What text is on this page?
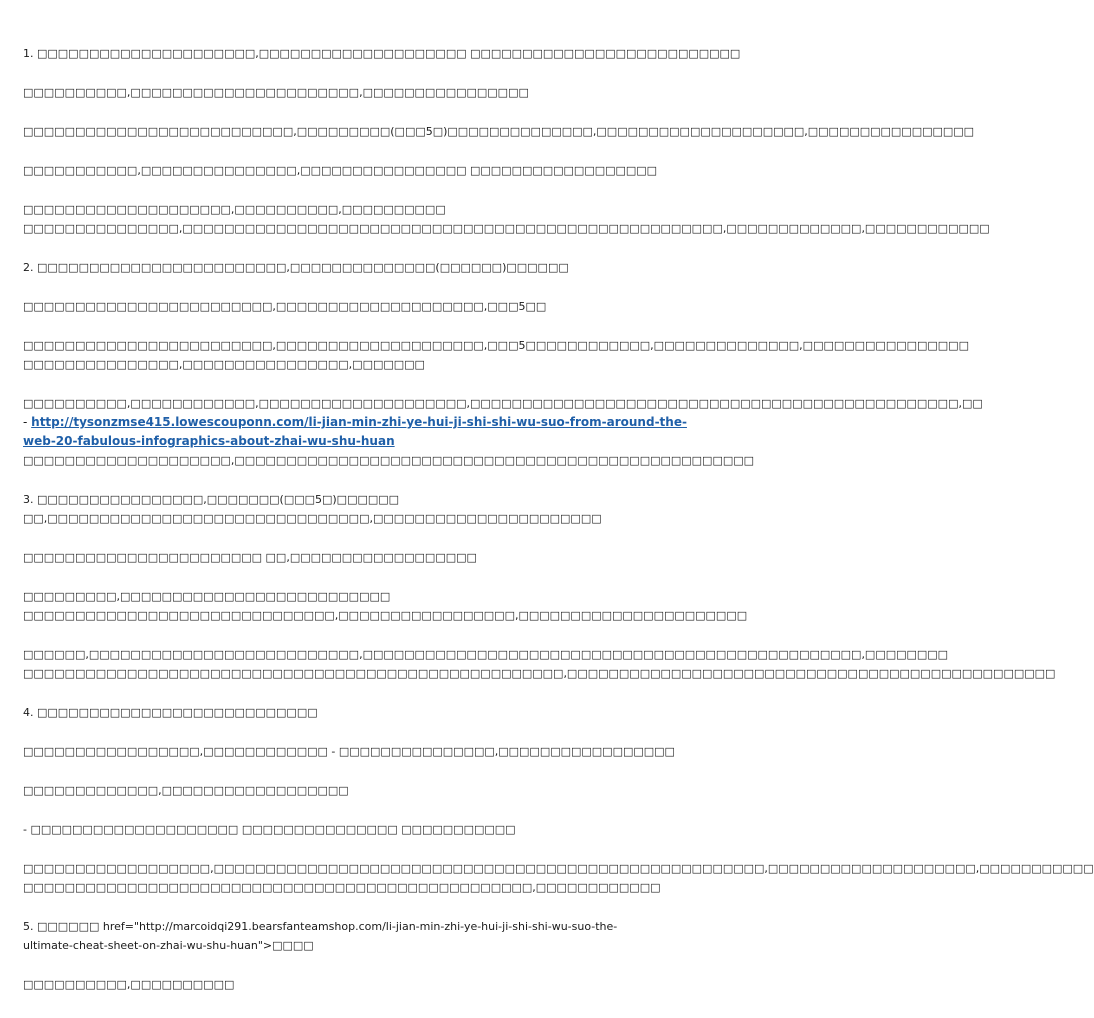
1. □□□□□□□□□□□□□□□□□□□□□,□□□□□□□□□□□□□□□□□□□□ □□□□□□□□□□□□□□□□□□□□□□□□□□

□□□□□□□□□□,□□□□□□□□□□□□□□□□□□□□□□,□□□□□□□□□□□□□□□□

□□□□□□□□□□□□□□□□□□□□□□□□□□,□□□□□□□□□(□□□5□)□□□□□□□□□□□□□□,□□□□□□□□□□□□□□□□□□□□,□□□□□□□□□□□□□□□□

□□□□□□□□□□□,□□□□□□□□□□□□□□□,□□□□□□□□□□□□□□□□ □□□□□□□□□□□□□□□□□□

□□□□□□□□□□□□□□□□□□□□,□□□□□□□□□□,□□□□□□□□□□
□□□□□□□□□□□□□□□,□□□□□□□□□□□□□□□□□□□□□□□□□□□□□□□□□□□□□□□□□□□□□□□□□□□□,□□□□□□□□□□□□□,□□□□□□□□□□□□

2. □□□□□□□□□□□□□□□□□□□□□□□□,□□□□□□□□□□□□□□(□□□□□□)□□□□□□

□□□□□□□□□□□□□□□□□□□□□□□□,□□□□□□□□□□□□□□□□□□□□,□□□5□□

□□□□□□□□□□□□□□□□□□□□□□□□,□□□□□□□□□□□□□□□□□□□□,□□□5□□□□□□□□□□□□,□□□□□□□□□□□□□□,□□□□□□□□□□□□□□□□
□□□□□□□□□□□□□□□,□□□□□□□□□□□□□□□□,□□□□□□□

□□□□□□□□□□,□□□□□□□□□□□□,□□□□□□□□□□□□□□□□□□□□,□□□□□□□□□□□□□□□□□□□□□□□□□□□□□□□□□□□□□□□□□□□□□□□,□□

- http://tysonzmse415.lowescouponn.com/li-jian-min-zhi-ye-hui-ji-shi-shi-wu-suo-from-around-the-web-20-fabulous-infographics-about-zhai-wu-shu-huan

□□□□□□□□□□□□□□□□□□□□,□□□□□□□□□□□□□□□□□□□□□□□□□□□□□□□□□□□□□□□□□□□□□□□□□□

3. □□□□□□□□□□□□□□□□,□□□□□□□(□□□5□)□□□□□□
□□,□□□□□□□□□□□□□□□□□□□□□□□□□□□□□□□,□□□□□□□□□□□□□□□□□□□□□□

□□□□□□□□□□□□□□□□□□□□□□□ □□,□□□□□□□□□□□□□□□□□□

□□□□□□□□□,□□□□□□□□□□□□□□□□□□□□□□□□□□
□□□□□□□□□□□□□□□□□□□□□□□□□□□□□□,□□□□□□□□□□□□□□□□□,□□□□□□□□□□□□□□□□□□□□□□

□□□□□□,□□□□□□□□□□□□□□□□□□□□□□□□□□,□□□□□□□□□□□□□□□□□□□□□□□□□□□□□□□□□□□□□□□□□□□□□□□□,□□□□□□□□
□□□□□□□□□□□□□□□□□□□□□□□□□□□□□□□□□□□□□□□□□□□□□□□□□□□□,□□□□□□□□□□□□□□□□□□□□□□□□□□□□□□□□□□□□□□□□□□□□□□□

4. □□□□□□□□□□□□□□□□□□□□□□□□□□□

□□□□□□□□□□□□□□□□□,□□□□□□□□□□□□ - □□□□□□□□□□□□□□□,□□□□□□□□□□□□□□□□□

□□□□□□□□□□□□□,□□□□□□□□□□□□□□□□□□

- □□□□□□□□□□□□□□□□□□□□ □□□□□□□□□□□□□□□ □□□□□□□□□□□

□□□□□□□□□□□□□□□□□□,□□□□□□□□□□□□□□□□□□□□□□□□□□□□□□□□□□□□□□□□□□□□□□□□□□□□□,□□□□□□□□□□□□□□□□□□□□,□□□□□□□□□□□
□□□□□□□□□□□□□□□□□□□□□□□□□□□□□□□□□□□□□□□□□□□□□□□□□,□□□□□□□□□□□□

5. □□□□□□ href="http://marcoidqi291.bearsfanteamshop.com/li-jian-min-zhi-ye-hui-ji-shi-shi-wu-suo-the-
ultimate-cheat-sheet-on-zhai-wu-shu-huan">□□□□

□□□□□□□□□□,□□□□□□□□□□
